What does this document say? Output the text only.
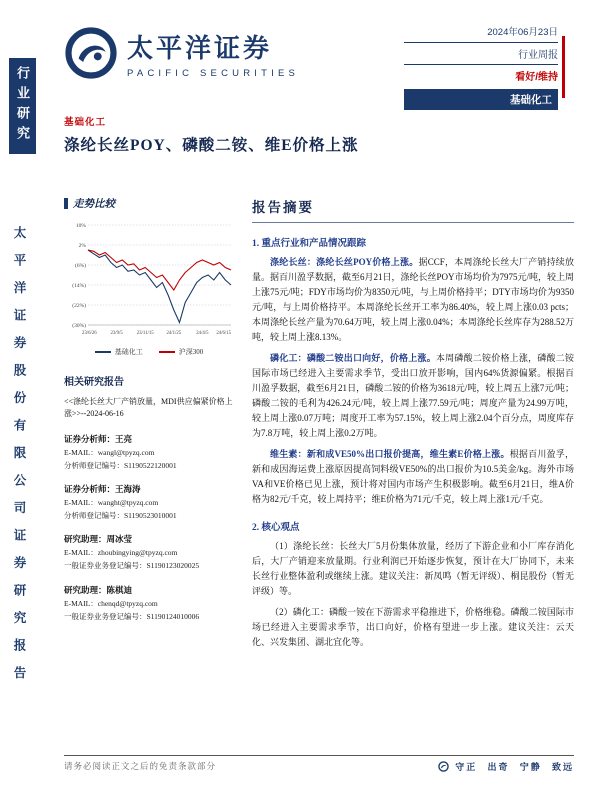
行业研究
太平洋证券股份有限公司证券研究报告
太平洋证券
PACIFIC SECURITIES
2024年06月23日
行业周报
看好/维持
基础化工
基础化工
涤纶长丝POY、磷酸二铵、维E价格上涨
走势比较
10%
2%
(6%)
(14%)
(22%)
(30%)
23/6/26	23/9/5	23/11/15	24/1/25	24/4/5 24/6/15
基础化工	沪深300
相关研究报告

<<涤纶长丝大厂产销放量，MDI供应偏紧价格上涨>>--2024-06-16

证券分析师：王亮
E-MAIL：wangl@tpyzq.com
分析师登记编号：S1190522120001
证券分析师：王海涛
E-MAIL：wanght@tpyzq.com
分析师登记编号：S1190523010001
研究助理：周冰莹
E-MAIL：zhoubingying@tpyzq.com
一般证券业务登记编号：S1190123020025
研究助理：陈棋迪
E-MAIL：chenqd@tpyzq.com
一般证券业务登记编号：S1190124010006
报告摘要
1. 重点行业和产品情况跟踪

涤纶长丝：涤纶长丝POY价格上涨。据CCF，本周涤纶长丝大厂产销持续放量。据百川盈孚数据，截至6月21日，涤纶长丝POY市场均价为7975元/吨，较上周上涨75元/吨；FDY市场均价为8350元/吨，与上周价格持平；DTY市场均价为9350元/吨，与上周价格持平。本周涤纶长丝开工率为86.40%，较上周上涨0.03 pcts；本周涤纶长丝产量为70.64万吨，较上周上涨0.04%；本周涤纶长丝库存为288.52万吨，较上周上涨8.13%。

磷化工：磷酸二铵出口向好，价格上涨。本周磷酸二铵价格上涨，磷酸二铵国际市场已经进入主要需求季节，受出口放开影响，国内64%货源偏紧。根据百川盈孚数据，截至6月21日，磷酸二铵的价格为3618元/吨，较上周五上涨7元/吨；磷酸二铵的毛利为426.24元/吨，较上周上涨77.59元/吨；周度产量为24.99万吨，较上周上涨0.07万吨；周度开工率为57.15%，较上周上涨2.04个百分点，周度库存为7.8万吨，较上周上涨0.2万吨。

维生素：新和成VE50%出口报价提高，维生素E价格上涨。根据百川盈孚，新和成因海运费上涨原因提高饲料级VE50%的出口报价为10.5美金/kg。海外市场VA和VE价格已见上涨，预计将对国内市场产生积极影响。截至6月21日，维A价格为82元/千克，较上周持平；维E价格为71元/千克，较上周上涨1元/千克。

2. 核心观点

（1）涤纶长丝：长丝大厂5月份集体放量，经历了下游企业和小厂库存消化后，大厂产销迎来放量期。行业利润已开始逐步恢复，预计在大厂协同下，未来长丝行业整体盈利或继续上涨。建议关注：新凤鸣（暂无评级）、桐昆股份（暂无评级）等。

（2）磷化工：磷酸一铵在下游需求平稳推进下，价格维稳。磷酸二铵国际市场已经进入主要需求季节，出口向好，价格有望进一步上涨。建议关注：云天化、兴发集团、湖北宜化等。

请务必阅读正文之后的免责条款部分	守正 出奇 宁静 致远
